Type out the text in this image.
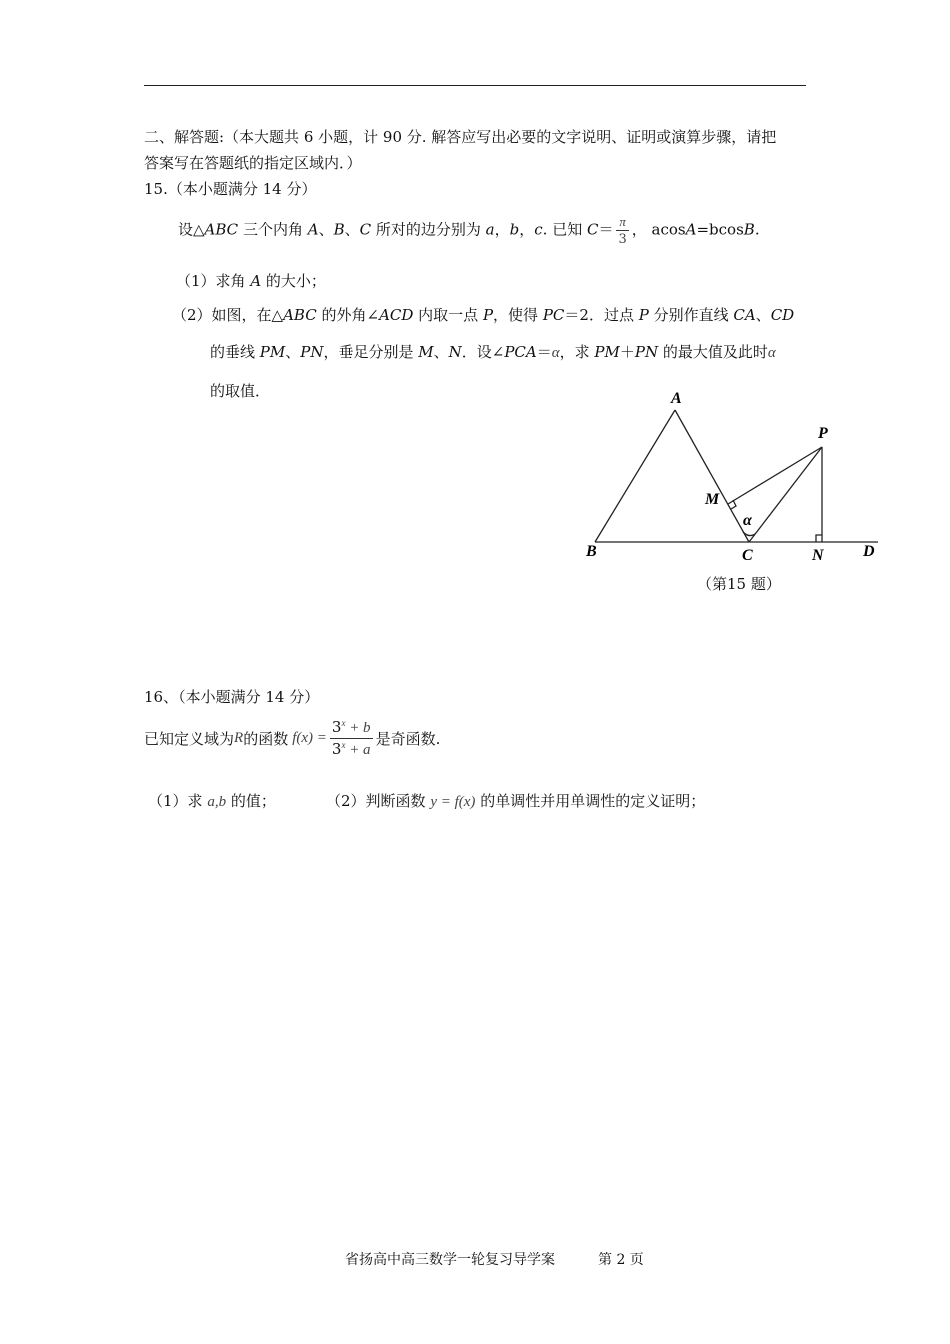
二、解答题:（本大题共 6 小题，计 90 分. 解答应写出必要的文字说明、证明或演算步骤，请把
答案写在答题纸的指定区域内．）
15.（本小题满分 14 分）
设△ABC 三个内角 A、B、C 所对的边分别为 a，b，c. 已知 $C= \frac{\pi}{3}$ ， acosA=bcosB.
（1）求角 A 的大小；
（2）如图，在△ABC 的外角∠ACD 内取一点 P，使得 PC＝2．过点 P 分别作直线 CA、CD
的垂线 PM、PN，垂足分别是 M、N．设∠PCA＝α，求 PM＋PN 的最大值及此时α
的取值．	A
P
M
α
B	C	N D
（第15 题）
16、（本小题满分 14 分）
已知定义域为 R 的函数 $f(x) = \frac{3^x + b}{3^x + a}$ 是奇函数.
（1）求 a,b 的值；	（2）判断函数 y = f(x) 的单调性并用单调性的定义证明；
省扬高中高三数学一轮复习导学案	第 2 页
